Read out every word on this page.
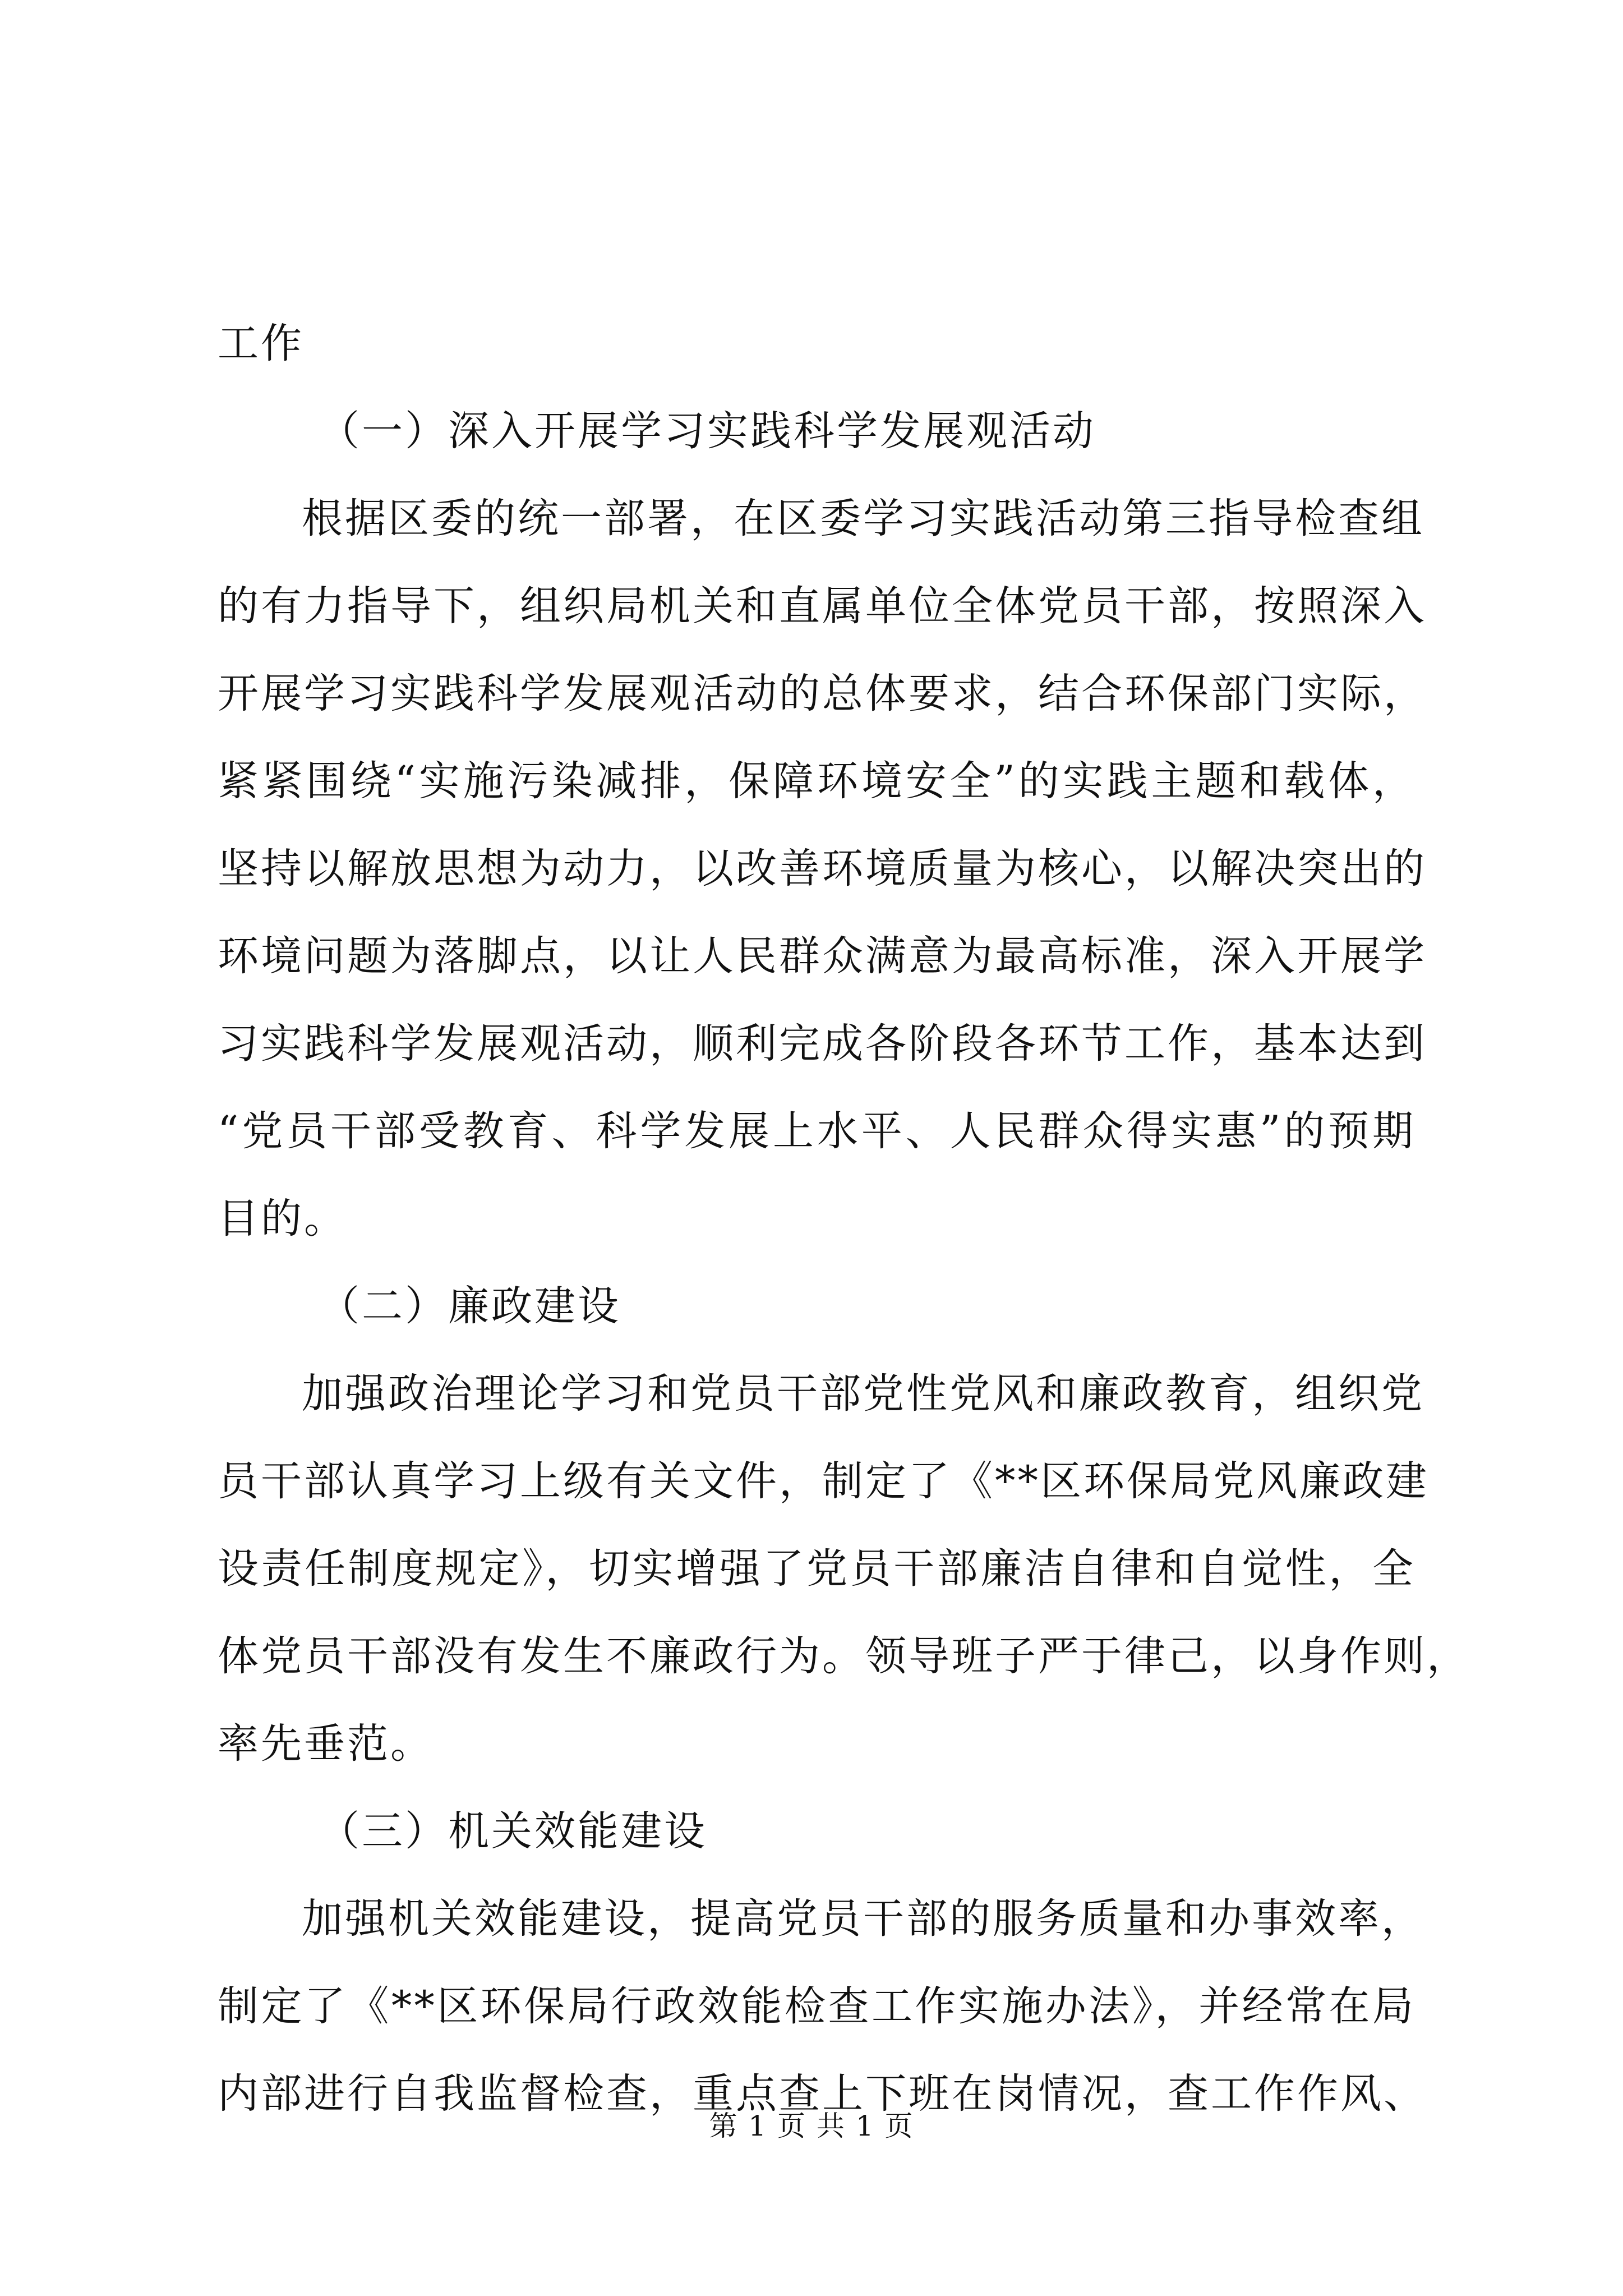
工作
（一）深入开展学习实践科学发展观活动
根据区委的统一部署，在区委学习实践活动第三指导检查组
的有力指导下，组织局机关和直属单位全体党员干部，按照深入
开展学习实践科学发展观活动的总体要求，结合环保部门实际，
紧紧围绕“实施污染减排，保障环境安全”的实践主题和载体，
坚持以解放思想为动力，以改善环境质量为核心，以解决突出的
环境问题为落脚点，以让人民群众满意为最高标准，深入开展学
习实践科学发展观活动，顺利完成各阶段各环节工作，基本达到
“党员干部受教育、科学发展上水平、人民群众得实惠”的预期
目的。
（二）廉政建设
加强政治理论学习和党员干部党性党风和廉政教育，组织党
员干部认真学习上级有关文件，制定了《**区环保局党风廉政建
设责任制度规定》，切实增强了党员干部廉洁自律和自觉性，全
体党员干部没有发生不廉政行为。领导班子严于律己，以身作则，
率先垂范。
（三）机关效能建设
加强机关效能建设，提高党员干部的服务质量和办事效率，
制定了《**区环保局行政效能检查工作实施办法》，并经常在局
内部进行自我监督检查，重点查上下班在岗情况，查工作作风、
第 1 页 共 1 页
